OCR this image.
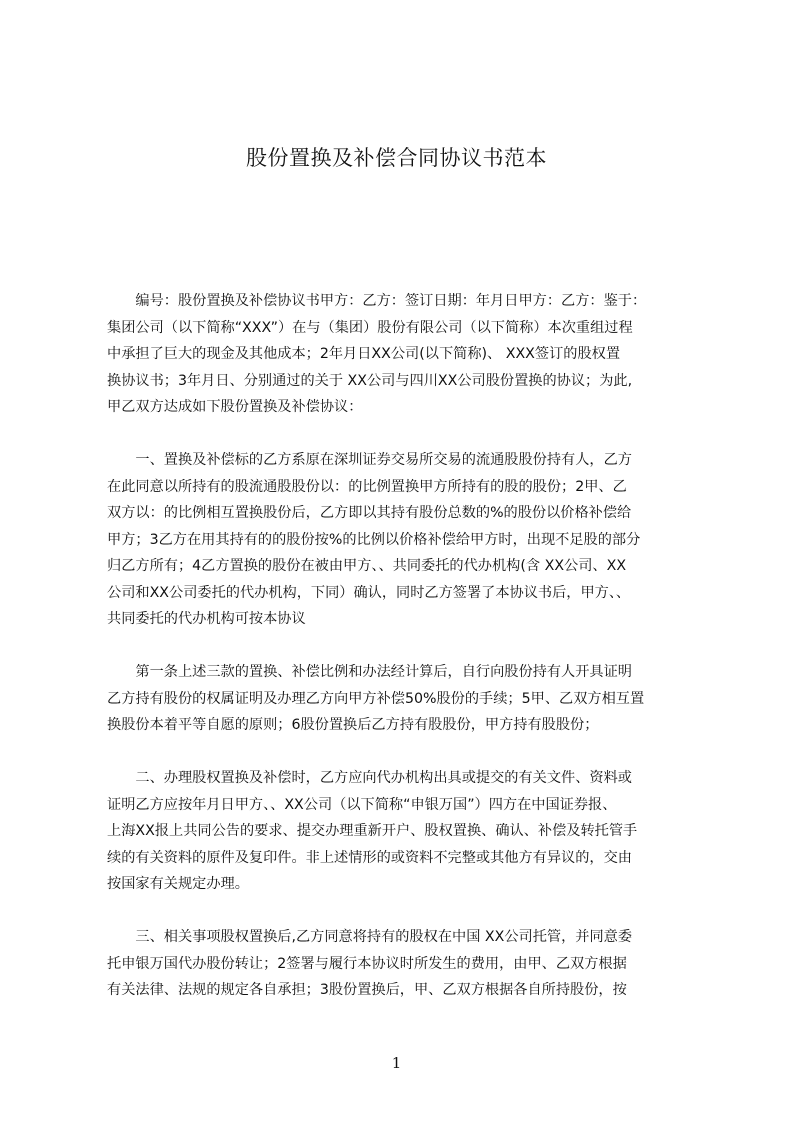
股份置换及补偿合同协议书范本
　　编号：股份置换及补偿协议书甲方：乙方：签订日期：年月日甲方：乙方：鉴于：
集团公司（以下简称“XXX”）在与（集团）股份有限公司（以下简称）本次重组过程
中承担了巨大的现金及其他成本；2年月日XX公司(以下简称)、 XXX签订的股权置
换协议书；3年月日、分别通过的关于 XX公司与四川XX公司股份置换的协议；为此,
甲乙双方达成如下股份置换及补偿协议：
　　一、置换及补偿标的乙方系原在深圳证券交易所交易的流通股股份持有人，乙方
在此同意以所持有的股流通股股份以：的比例置换甲方所持有的股的股份；2甲、乙
双方以：的比例相互置换股份后，乙方即以其持有股份总数的%的股份以价格补偿给
甲方；3乙方在用其持有的的股份按%的比例以价格补偿给甲方时，出现不足股的部分
归乙方所有；4乙方置换的股份在被由甲方、、共同委托的代办机构(含 XX公司、XX
公司和XX公司委托的代办机构，下同）确认，同时乙方签署了本协议书后，甲方、、
共同委托的代办机构可按本协议
　　第一条上述三款的置换、补偿比例和办法经计算后，自行向股份持有人开具证明
乙方持有股份的权属证明及办理乙方向甲方补偿50%股份的手续；5甲、乙双方相互置
换股份本着平等自愿的原则；6股份置换后乙方持有股股份，甲方持有股股份；
　　二、办理股权置换及补偿时，乙方应向代办机构出具或提交的有关文件、资料或
证明乙方应按年月日甲方、、XX公司（以下简称“申银万国”）四方在中国证券报、
上海XX报上共同公告的要求、提交办理重新开户、股权置换、确认、补偿及转托管手
续的有关资料的原件及复印件。非上述情形的或资料不完整或其他方有异议的，交由
按国家有关规定办理。
　　三、相关事项股权置换后,乙方同意将持有的股权在中国 XX公司托管，并同意委
托申银万国代办股份转让；2签署与履行本协议时所发生的费用，由甲、乙双方根据
有关法律、法规的规定各自承担；3股份置换后，甲、乙双方根据各自所持股份，按
1
